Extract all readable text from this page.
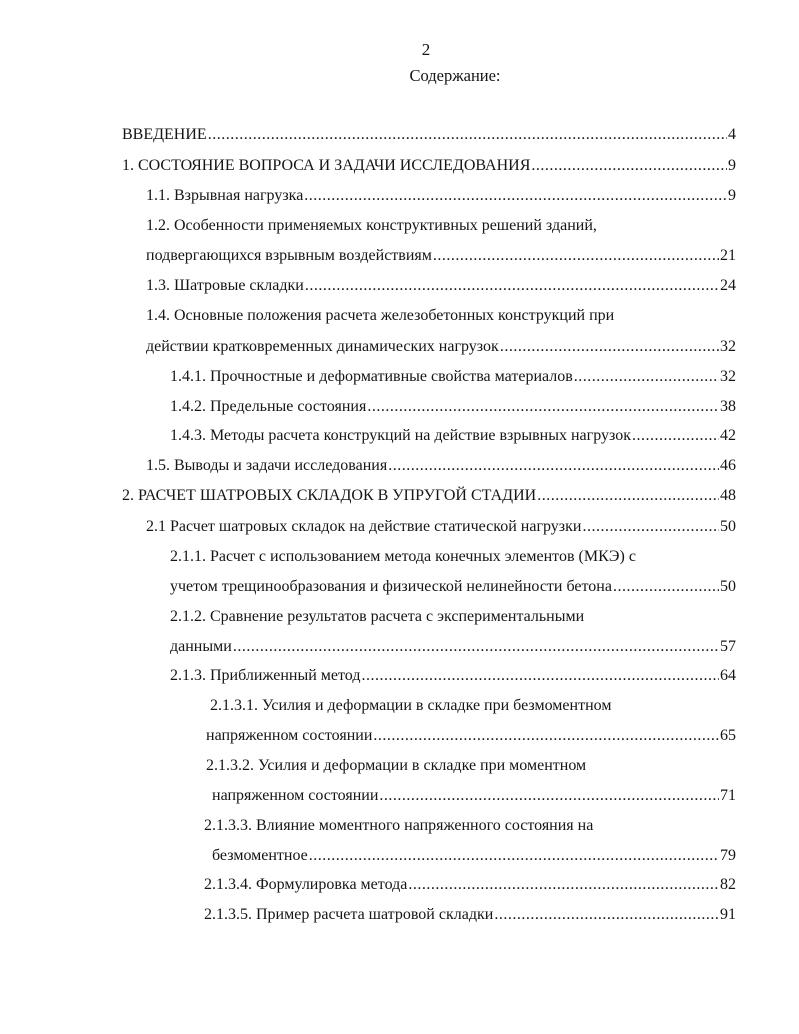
2
Содержание:
ВВЕДЕНИЕ .....	4
1. СОСТОЯНИЕ ВОПРОСА И ЗАДАЧИ ИССЛЕДОВАНИЯ .....	9
1.1. Взрывная нагрузка .....	9
1.2. Особенности применяемых конструктивных решений зданий,
подвергающихся взрывным воздействиям .....	21
1.3. Шатровые складки .....	24
1.4. Основные положения расчета железобетонных конструкций при
действии кратковременных динамических нагрузок .....	32
1.4.1. Прочностные и деформативные свойства материалов .....	32
1.4.2. Предельные состояния .....	38
1.4.3. Методы расчета конструкций на действие взрывных нагрузок .....	42
1.5. Выводы и задачи исследования .....	46
2. РАСЧЕТ ШАТРОВЫХ СКЛАДОК В УПРУГОЙ СТАДИИ .....	48
2.1 Расчет шатровых складок на действие статической нагрузки .....	50
2.1.1. Расчет с использованием метода конечных элементов (МКЭ) с
учетом трещинообразования и физической нелинейности бетона .....	50
2.1.2. Сравнение результатов расчета с экспериментальными
данными .....	57
2.1.3. Приближенный метод .....	64
2.1.3.1. Усилия и деформации в складке при безмоментном
напряженном состоянии .....	65
2.1.3.2. Усилия и деформации в складке при моментном
напряженном состоянии .....	71
2.1.3.3. Влияние моментного напряженного состояния на
безмоментное .....	79
2.1.3.4. Формулировка метода .....	82
2.1.3.5. Пример расчета шатровой складки .....	91
